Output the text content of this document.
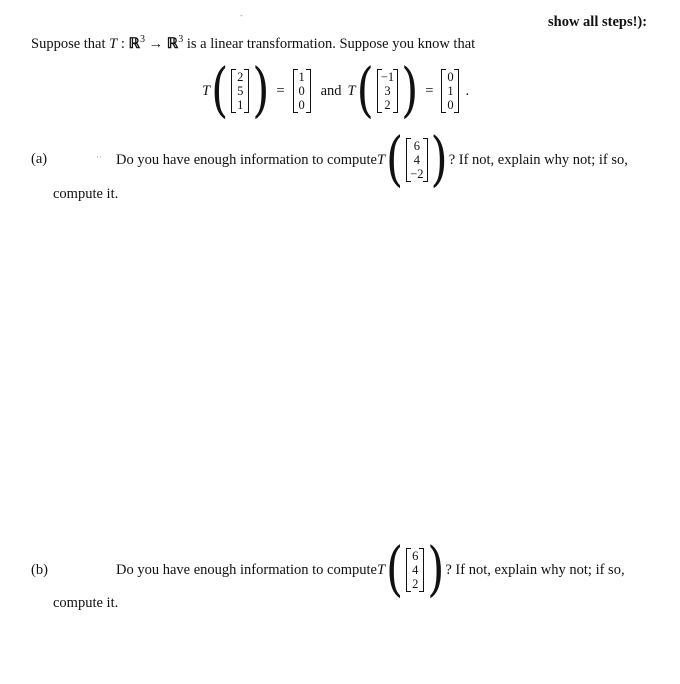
show all steps!):
-
Suppose that T : ℝ$^3$ → ℝ$^3$ is a linear transformation. Suppose you know that
T ( 2
5
1 ) =
1
0
0
and T ( −1
3
2 ) =
0
1
0
.
(a)	·· Do you have enough information to compute T ( 6
4
−2 ) ? If not, explain why not; if so,
compute it.
(b)	Do you have enough information to compute T ( 6
4
2 ) ? If not, explain why not; if so,
compute it.
